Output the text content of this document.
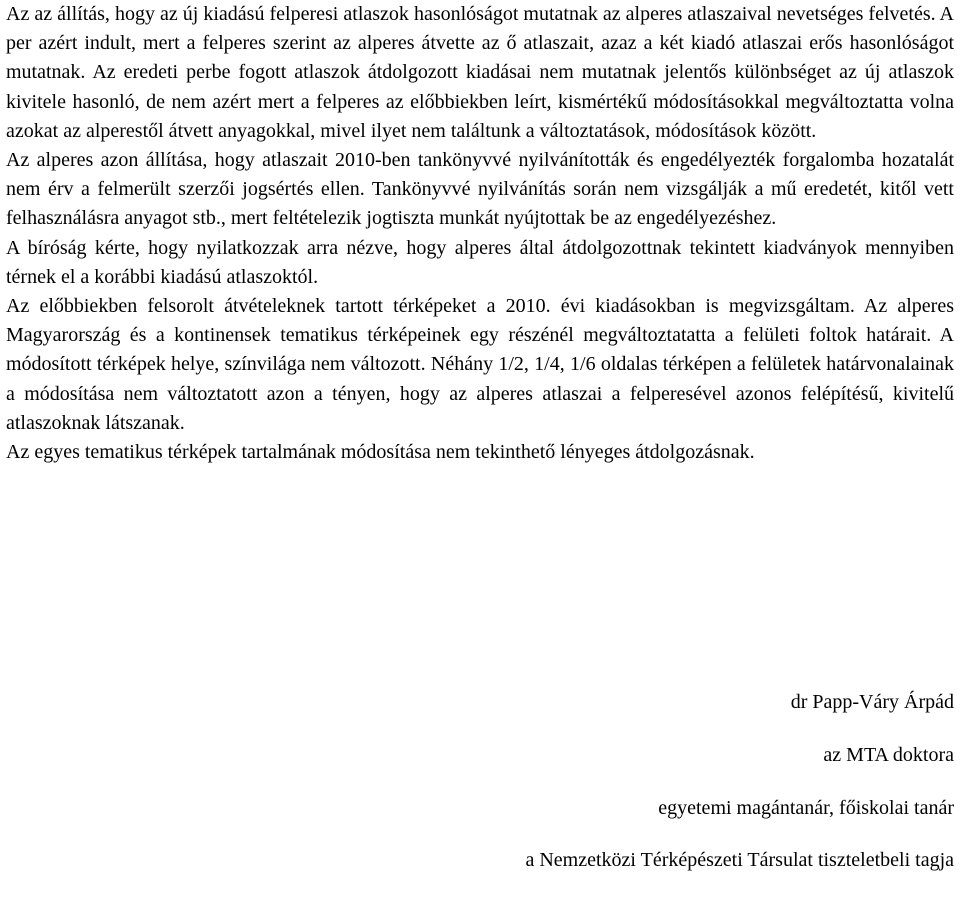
Az az állítás, hogy az új kiadású felperesi atlaszok hasonlóságot mutatnak az alperes atlaszaival nevetséges felvetés. A per azért indult, mert a felperes szerint az alperes átvette az ő atlaszait, azaz a két kiadó atlaszai erős hasonlóságot mutatnak. Az eredeti perbe fogott atlaszok átdolgozott kiadásai nem mutatnak jelentős különbséget az új atlaszok kivitele hasonló, de nem azért mert a felperes az előbbiekben leírt, kismértékű módosításokkal megváltoztatta volna azokat az alperestől átvett anyagokkal, mivel ilyet nem találtunk a változtatások, módosítások között.

Az alperes azon állítása, hogy atlaszait 2010-ben tankönyvvé nyilvánították és engedélyezték forgalomba hozatalát nem érv a felmerült szerzői jogsértés ellen. Tankönyvvé nyilvánítás során nem vizsgálják a mű eredetét, kitől vett felhasználásra anyagot stb., mert feltételezik jogtiszta munkát nyújtottak be az engedélyezéshez.

A bíróság kérte, hogy nyilatkozzak arra nézve, hogy alperes által átdolgozottnak tekintett kiadványok mennyiben térnek el a korábbi kiadású atlaszoktól.

Az előbbiekben felsorolt átvételeknek tartott térképeket a 2010. évi kiadásokban is megvizsgáltam. Az alperes Magyarország és a kontinensek tematikus térképeinek egy részénél megváltoztatatta a felületi foltok határait. A módosított térképek helye, színvilága nem változott. Néhány 1/2, 1/4, 1/6 oldalas térképen a felületek határvonalainak a módosítása nem változtatott azon a tényen, hogy az alperes atlaszai a felperesével azonos felépítésű, kivitelű atlaszoknak látszanak.

Az egyes tematikus térképek tartalmának módosítása nem tekinthető lényeges átdolgozásnak.

dr Papp-Váry Árpád

az MTA doktora

egyetemi magántanár, főiskolai tanár

a Nemzetközi Térképészeti Társulat tiszteletbeli tagja
